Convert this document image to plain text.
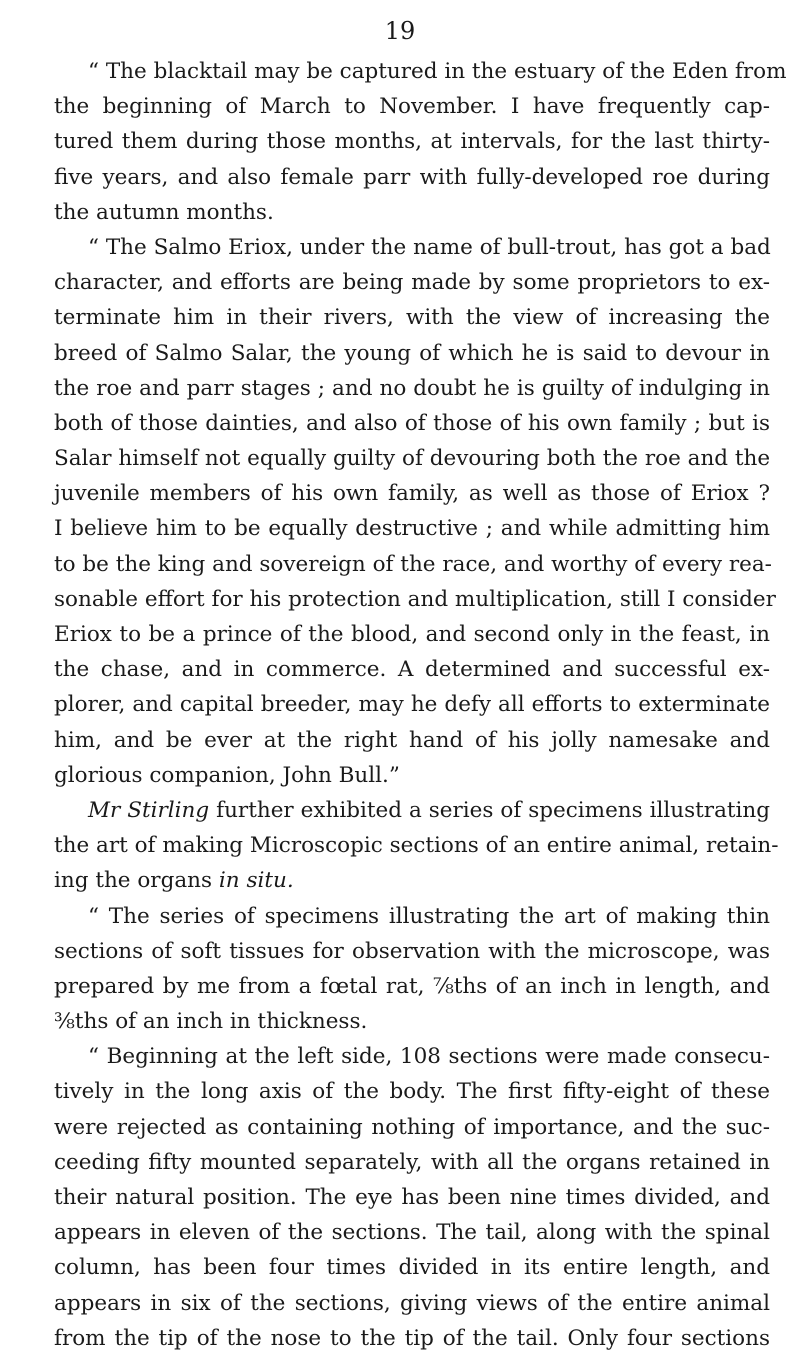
19
“ The blacktail may be captured in the estuary of the Eden from
the beginning of March to November. I have frequently cap-
tured them during those months, at intervals, for the last thirty-
five years, and also female parr with fully-developed roe during
the autumn months.
“ The Salmo Eriox, under the name of bull-trout, has got a bad
character, and efforts are being made by some proprietors to ex-
terminate him in their rivers, with the view of increasing the
breed of Salmo Salar, the young of which he is said to devour in
the roe and parr stages ; and no doubt he is guilty of indulging in
both of those dainties, and also of those of his own family ; but is
Salar himself not equally guilty of devouring both the roe and the
juvenile members of his own family, as well as those of Eriox ?
I believe him to be equally destructive ; and while admitting him
to be the king and sovereign of the race, and worthy of every rea-
sonable effort for his protection and multiplication, still I consider
Eriox to be a prince of the blood, and second only in the feast, in
the chase, and in commerce. A determined and successful ex-
plorer, and capital breeder, may he defy all efforts to exterminate
him, and be ever at the right hand of his jolly namesake and
glorious companion, John Bull.”
Mr Stirling further exhibited a series of specimens illustrating
the art of making Microscopic sections of an entire animal, retain-
ing the organs in situ.
“ The series of specimens illustrating the art of making thin
sections of soft tissues for observation with the microscope, was
prepared by me from a fœtal rat, ⅞ths of an inch in length, and
⅜ths of an inch in thickness.
“ Beginning at the left side, 108 sections were made consecu-
tively in the long axis of the body. The first fifty-eight of these
were rejected as containing nothing of importance, and the suc-
ceeding fifty mounted separately, with all the organs retained in
their natural position. The eye has been nine times divided, and
appears in eleven of the sections. The tail, along with the spinal
column, has been four times divided in its entire length, and
appears in six of the sections, giving views of the entire animal
from the tip of the nose to the tip of the tail. Only four sections
